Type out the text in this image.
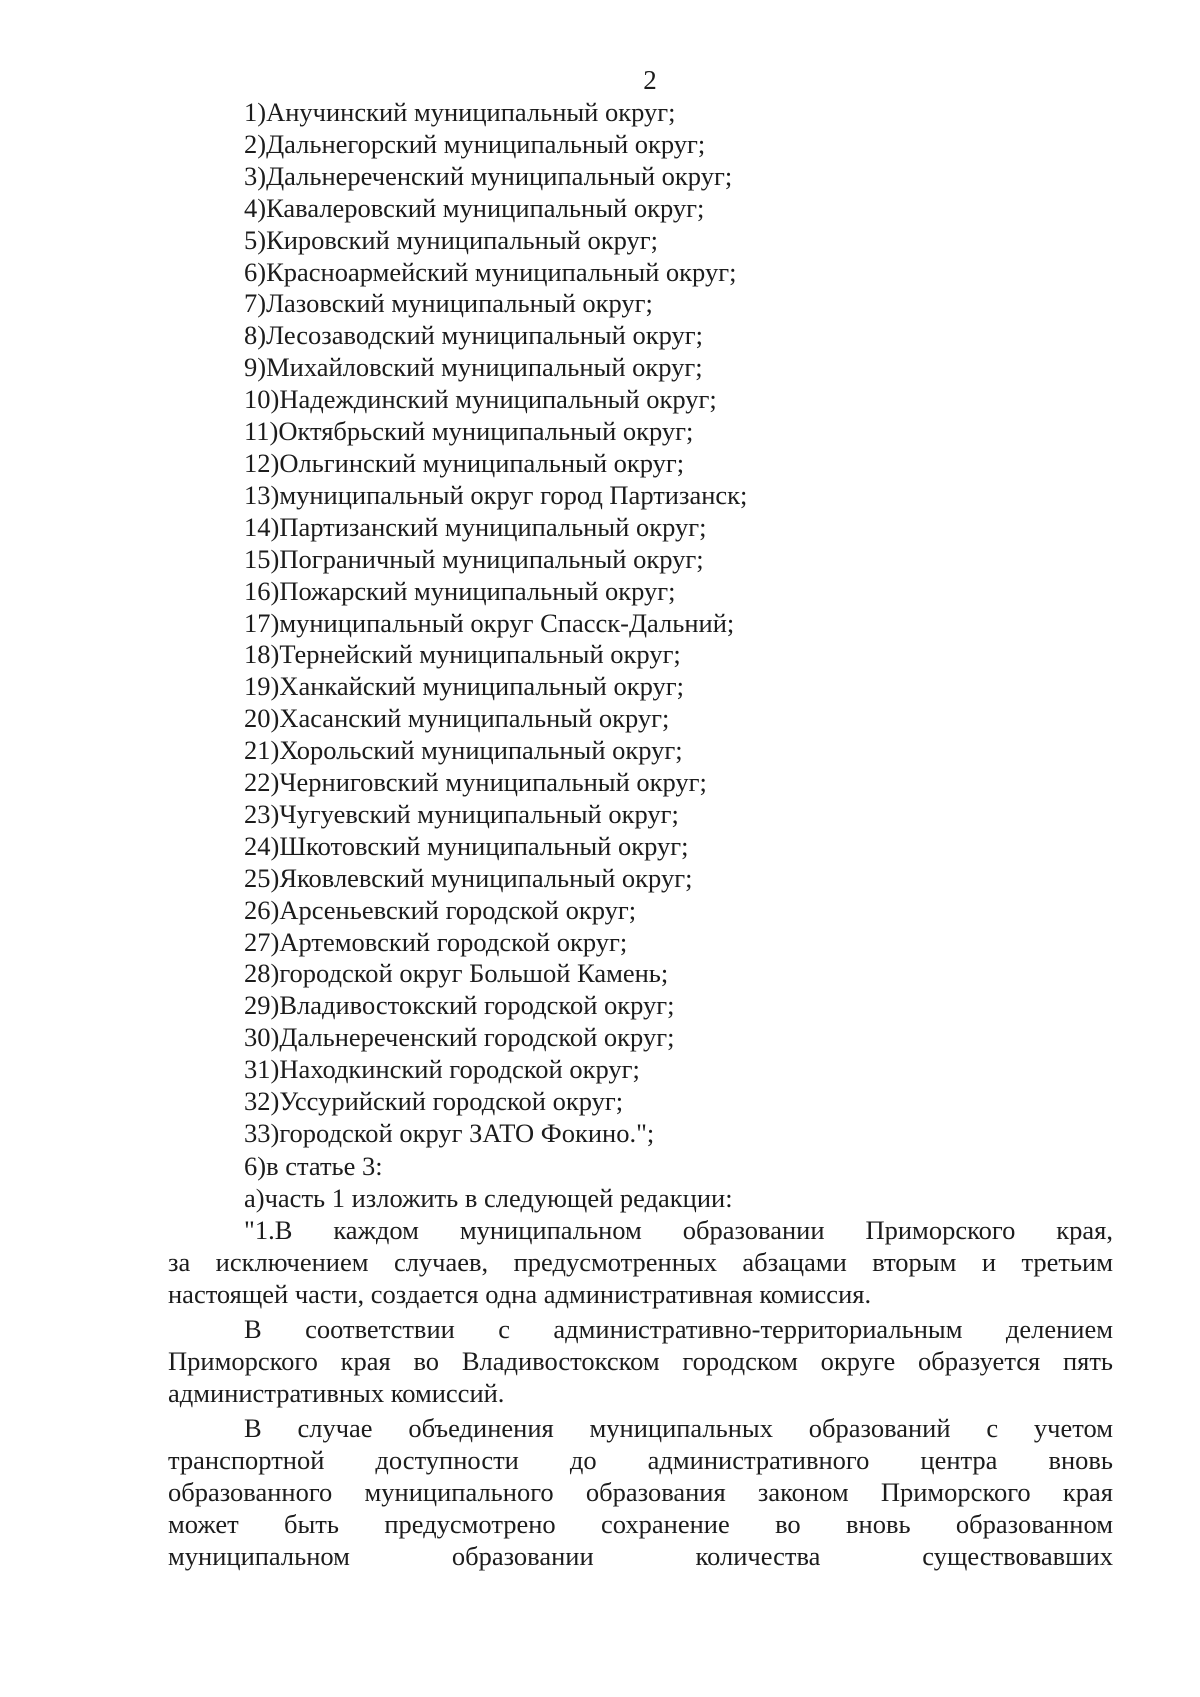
2
1)Анучинский муниципальный округ;
2)Дальнегорский муниципальный округ;
3)Дальнереченский муниципальный округ;
4)Кавалеровский муниципальный округ;
5)Кировский муниципальный округ;
6)Красноармейский муниципальный округ;
7)Лазовский муниципальный округ;
8)Лесозаводский муниципальный округ;
9)Михайловский муниципальный округ;
10)Надеждинский муниципальный округ;
11)Октябрьский муниципальный округ;
12)Ольгинский муниципальный округ;
13)муниципальный округ город Партизанск;
14)Партизанский муниципальный округ;
15)Пограничный муниципальный округ;
16)Пожарский муниципальный округ;
17)муниципальный округ Спасск-Дальний;
18)Тернейский муниципальный округ;
19)Ханкайский муниципальный округ;
20)Хасанский муниципальный округ;
21)Хорольский муниципальный округ;
22)Черниговский муниципальный округ;
23)Чугуевский муниципальный округ;
24)Шкотовский муниципальный округ;
25)Яковлевский муниципальный округ;
26)Арсеньевский городской округ;
27)Артемовский городской округ;
28)городской округ Большой Камень;
29)Владивостокский городской округ;
30)Дальнереченский городской округ;
31)Находкинский городской округ;
32)Уссурийский городской округ;
33)городской округ ЗАТО Фокино.";
6)в статье 3:
а)часть 1 изложить в следующей редакции:
"1.В каждом муниципальном образовании Приморского края,
за исключением случаев, предусмотренных абзацами вторым и третьим
настоящей части, создается одна административная комиссия.
В соответствии с административно-территориальным делением
Приморского края во Владивостокском городском округе образуется пять
административных комиссий.
В случае объединения муниципальных образований с учетом
транспортной доступности до административного центра вновь
образованного муниципального образования законом Приморского края
может быть предусмотрено сохранение во вновь образованном
муниципальном образовании количества существовавших
